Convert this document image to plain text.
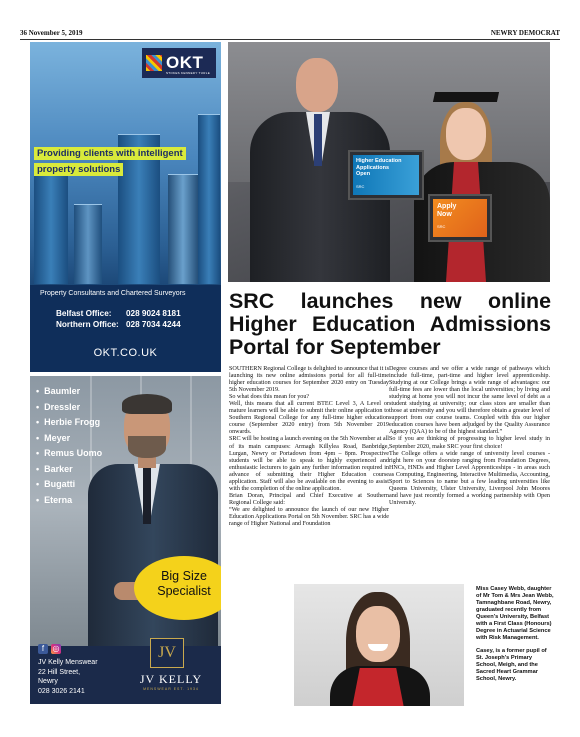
36 November 5, 2019	NEWRY DEMOCRAT
OKT
STOKES KENNEDY TURLE
Providing clients with intelligent
property solutions
Property Consultants and Chartered Surveyors
Belfast Office: 028 9024 8181
Northern Office: 028 7034 4244
OKT.CO.UK
• Baumler
• Dressler
• Herbie Frogg
• Meyer
• Remus Uomo
• Barker
• Bugatti
• Eterna
Big Size
Specialist
f	◎
JV Kelly Menswear
22 Hill Street,
Newry
028 3026 2141
JV
JV KELLY
MENSWEAR EST. 1934
Higher Education
Applications
Open
SRC
Apply
Now
SRC
SRC launches new online
Higher Education Admissions
Portal for September

SOUTHERN Regional College is delighted to announce that it is launching its new online admissions portal for all full-time higher education courses for September 2020 entry on Tuesday 5th November 2019.

So what does this mean for you?

Well, this means that all current BTEC Level 3, A Level or mature learners will be able to submit their online application to Southern Regional College for any full-time higher education course (September 2020 entry) from 5th November 2019 onwards.

SRC will be hosting a launch evening on the 5th November at all of its main campuses: Armagh Killylea Road, Banbridge, Lurgan, Newry or Portadown from 4pm – 8pm. Prospective students will be able to speak to highly experienced and enthusiastic lecturers to gain any further information required in advance of submitting their Higher Education course application. Staff will also be available on the evening to assist with the completion of the online application.

Brian Doran, Principal and Chief Executive at Southern Regional College said:

“We are delighted to announce the launch of our new Higher Education Applications Portal on 5th November. SRC has a wide range of Higher National and Foundation

Degree courses and we offer a wide range of pathways which include full-time, part-time and higher level apprenticeship. Studying at our College brings a wide range of advantages: our full-time fees are lower than the local universities; by living and studying at home you will not incur the same level of debt as a student studying at university; our class sizes are smaller than those at university and you will therefore obtain a greater level of support from our course teams. Coupled with this our higher education courses have been adjudged by the Quality Assurance Agency (QAA) to be of the highest standard.”

So if you are thinking of progressing to higher level study in September 2020, make SRC your first choice!

The College offers a wide range of university level courses - right here on your doorstep ranging from Foundation Degrees, HNCs, HNDs and Higher Level Apprenticeships - in areas such as Computing, Engineering, Interactive Multimedia, Accounting, Sport to Sciences to name but a few leading universities like Queens University, Ulster University, Liverpool John Moores and have just recently formed a working partnership with Open University.

Miss Casey Webb, daughter of Mr Tom & Mrs Jean Webb, Tamnaghbane Road, Newry, graduated recently from Queen’s University, Belfast with a First Class (Honours) Degree in Actuarial Science with Risk Management.

Casey, is a former pupil of St. Joseph’s Primary School, Meigh, and the Sacred Heart Grammar School, Newry.
